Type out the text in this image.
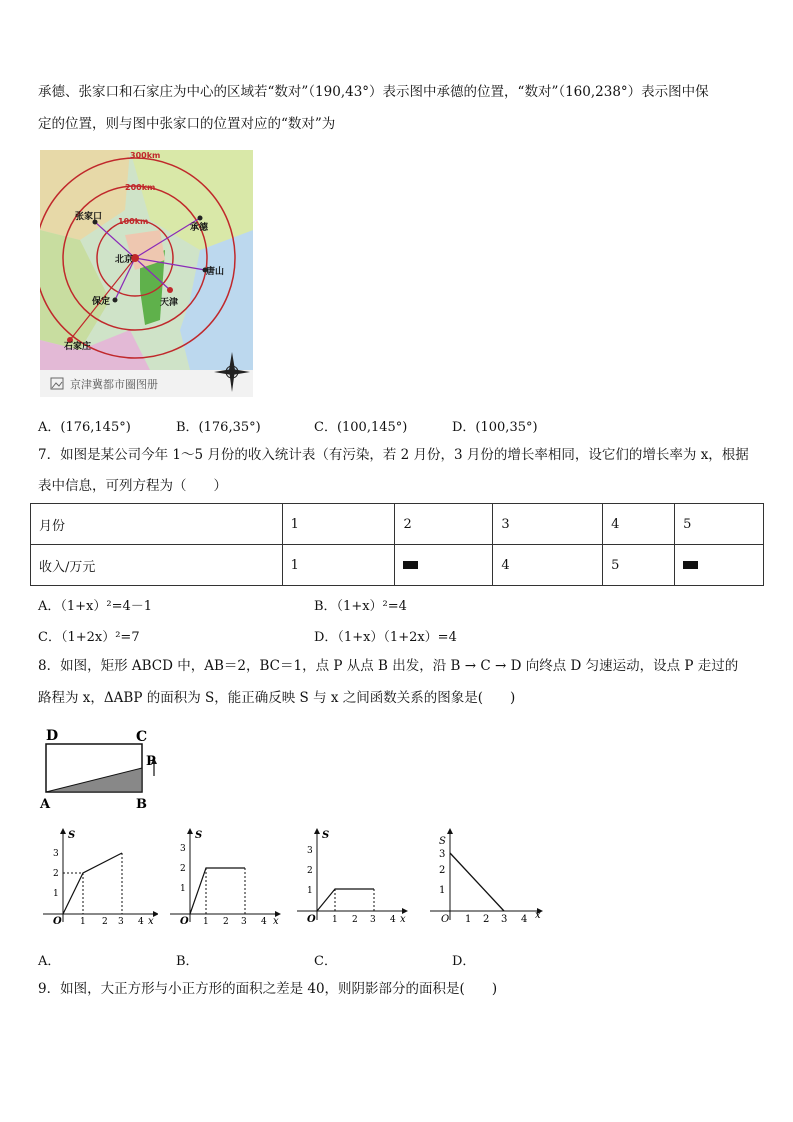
承德、张家口和石家庄为中心的区域若“数对”（190,43°）表示图中承德的位置，“数对”（160,238°）表示图中保
定的位置，则与图中张家口的位置对应的“数对”为
300km
200km
100km
张家口
承德
北京
唐山
保定	天津
石家庄
京津冀都市圈图册
A．(176,145°)	B．(176,35°)	C．(100,145°)	D．(100,35°)
7．如图是某公司今年 1～5 月份的收入统计表（有污染，若 2 月份，3 月份的增长率相同，设它们的增长率为 x，根据
表中信息，可列方程为（　　）
月份	1	2	3	4	5
收入/万元	1		4	5	
A．（1+x）²=4－1	B．（1+x）²=4
C．（1+2x）²=7	D．（1+x）（1+2x）=4
8．如图，矩形 ABCD 中，AB＝2，BC＝1，点 P 从点 B 出发，沿 B → C → D 向终点 D 匀速运动，设点 P 走过的
路程为 x，ΔABP 的面积为 S，能正确反映 S 与 x 之间函数关系的图象是(　　)
D	C
P
A	B
S
x
O 1 2 3 4
1
2
3
S
x
O 1 2 3 4
1
2
3
S
x
O 1 2 3 4
1
2
3
S
x
O 1 2 3 4
1
2
3
A．	B．	C．	D．
9．如图，大正方形与小正方形的面积之差是 40，则阴影部分的面积是(　　)
